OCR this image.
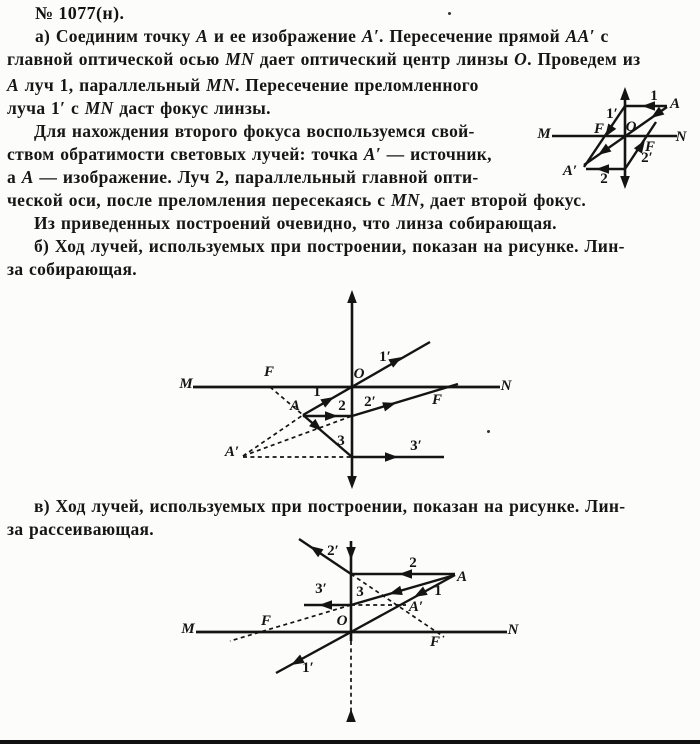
№ 1077(н).
а) Соединим точку A и ее изображение A′. Пересечение прямой AA′ с
главной оптической осью MN дает оптический центр линзы O. Проведем из
A луч 1, параллельный MN. Пересечение преломленного
луча 1′ с MN даст фокус линзы.
Для нахождения второго фокуса воспользуемся свой-
ством обратимости световых лучей: точка A′ — источник,
а A — изображение. Луч 2, параллельный главной опти-
ческой оси, после преломления пересекаясь с MN, дает второй фокус.
Из приведенных построений очевидно, что линза собирающая.
б) Ход лучей, используемых при построении, показан на рисунке. Лин-
за собирающая.
в) Ход лучей, используемых при построении, показан на рисунке. Лин-
за рассеивающая.
M	N
O
F
F
A
A′
1
1′
2
2′
M	N
O
F
F
A
A′
1
1′
2 2′
3	3′
M	N
O
F
F
A
A′
1
1′
2
2′
3
3′
